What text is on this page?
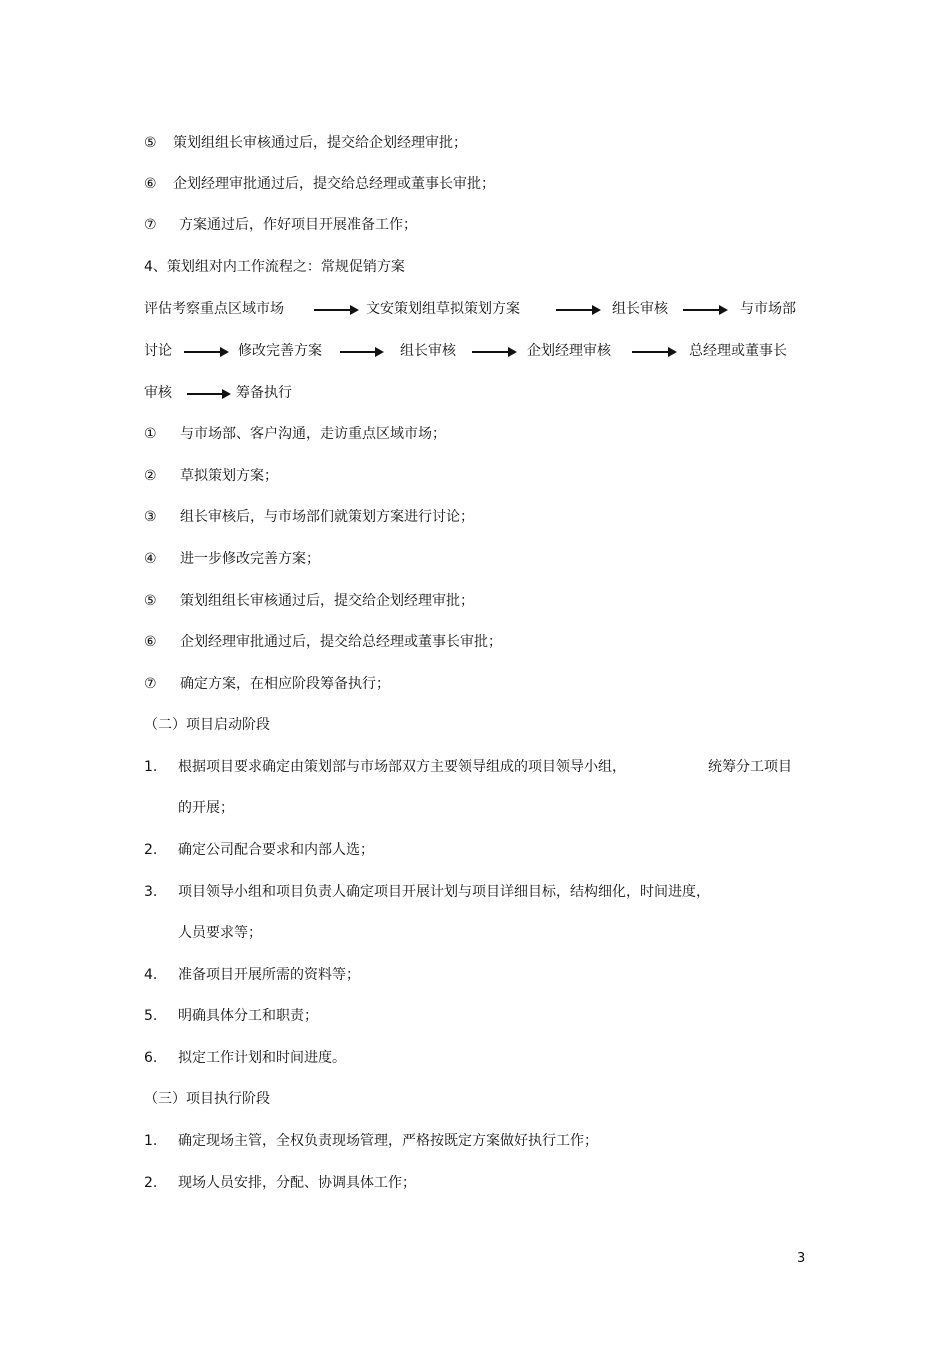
⑤ 策划组组长审核通过后，提交给企划经理审批；
⑥ 企划经理审批通过后，提交给总经理或董事长审批；
⑦ 方案通过后，作好项目开展准备工作；
4、策划组对内工作流程之：常规促销方案
评估考察重点区域市场	文安策划组草拟策划方案	组长审核	与市场部
讨论	修改完善方案	组长审核	企划经理审核	总经理或董事长
审核	筹备执行
① 与市场部、客户沟通，走访重点区域市场；
② 草拟策划方案；
③ 组长审核后，与市场部们就策划方案进行讨论；
④ 进一步修改完善方案；
⑤ 策划组组长审核通过后，提交给企划经理审批；
⑥ 企划经理审批通过后，提交给总经理或董事长审批；
⑦ 确定方案，在相应阶段筹备执行；
（二）项目启动阶段
1. 根据项目要求确定由策划部与市场部双方主要领导组成的项目领导小组，	统筹分工项目
的开展；
2. 确定公司配合要求和内部人选；
3. 项目领导小组和项目负责人确定项目开展计划与项目详细目标，结构细化，时间进度，
人员要求等；
4. 准备项目开展所需的资料等；
5. 明确具体分工和职责；
6. 拟定工作计划和时间进度。
（三）项目执行阶段
1. 确定现场主管，全权负责现场管理，严格按既定方案做好执行工作；
2. 现场人员安排，分配、协调具体工作；
3
